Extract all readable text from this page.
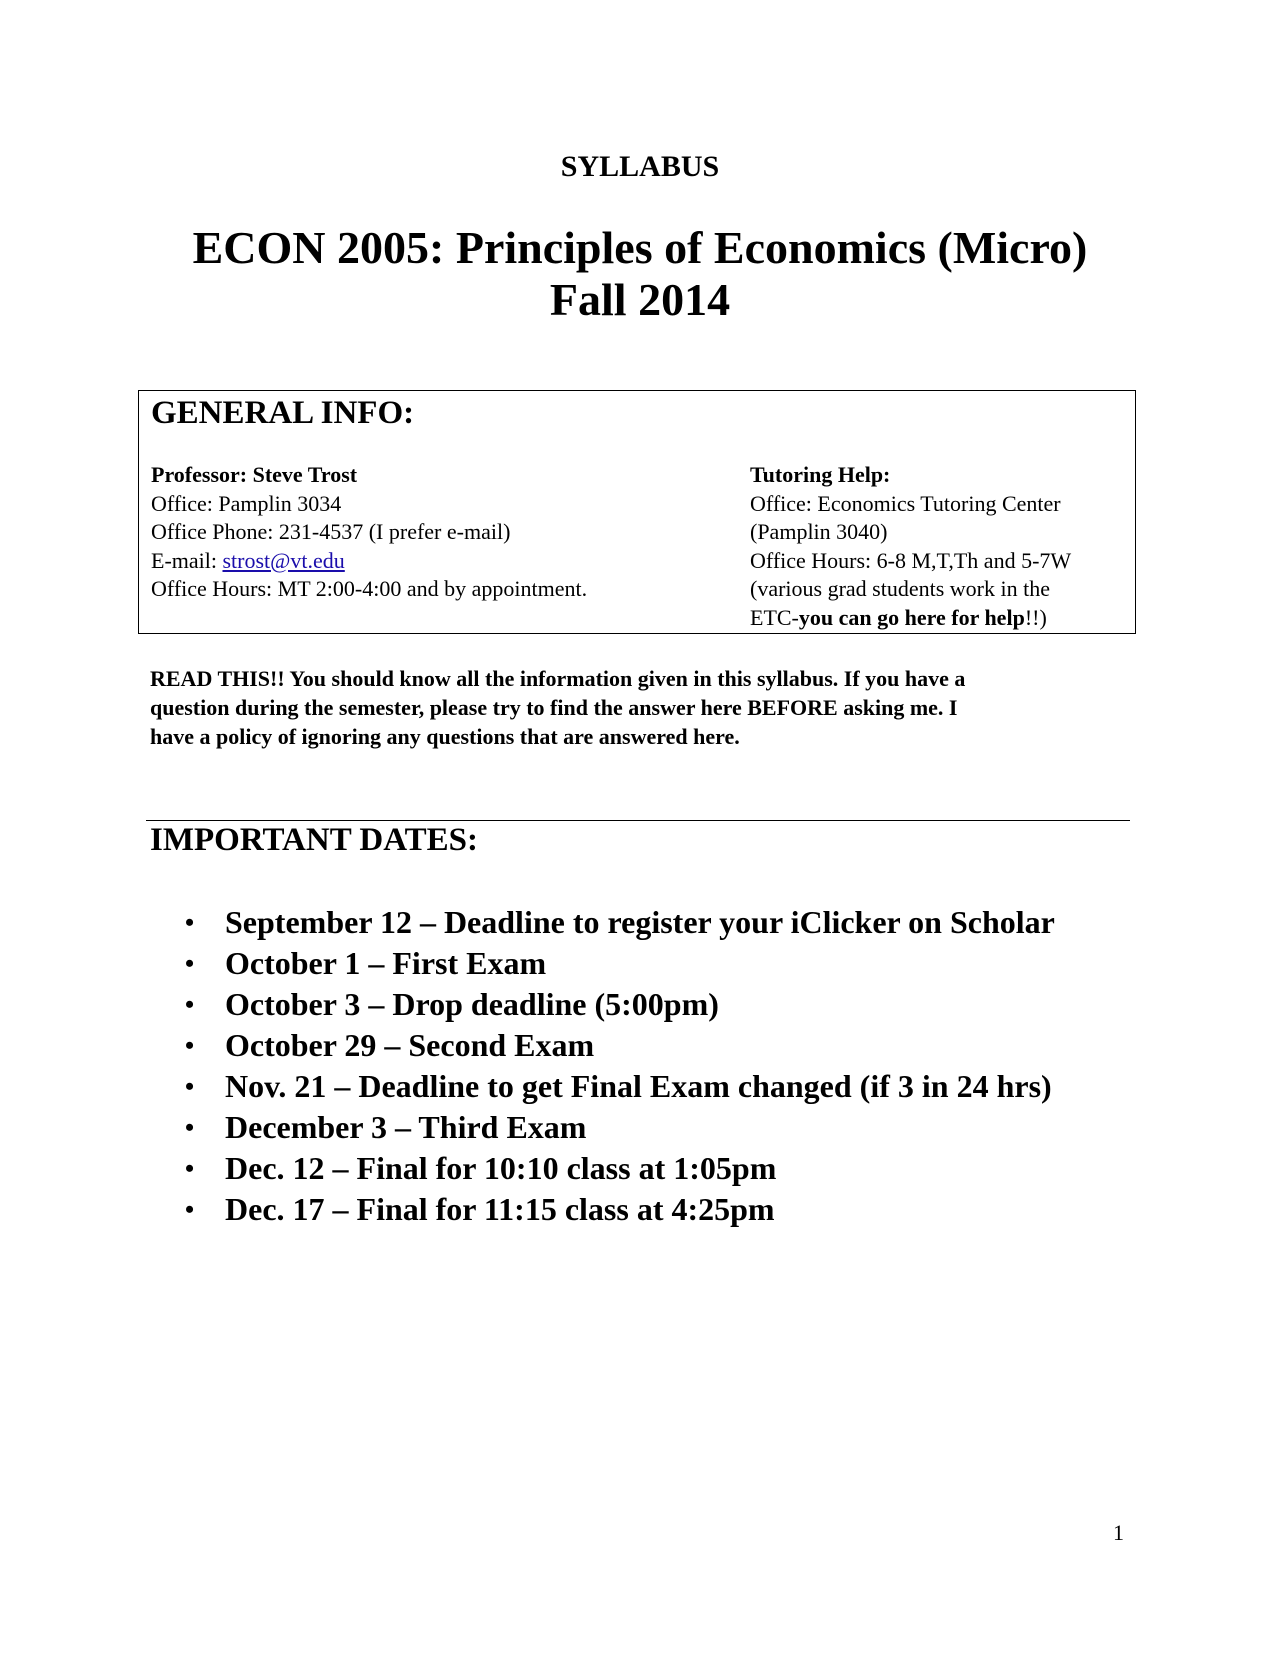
SYLLABUS
ECON 2005: Principles of Economics (Micro)
Fall 2014
GENERAL INFO:
Professor: Steve Trost
Office: Pamplin 3034
Office Phone: 231-4537 (I prefer e-mail)
E-mail: strost@vt.edu
Office Hours: MT 2:00-4:00 and by appointment.
Tutoring Help:
Office: Economics Tutoring Center
(Pamplin 3040)
Office Hours: 6-8 M,T,Th and 5-7W
(various grad students work in the
ETC-you can go here for help!!)
READ THIS!! You should know all the information given in this syllabus. If you have a
question during the semester, please try to find the answer here BEFORE asking me. I
have a policy of ignoring any questions that are answered here.
IMPORTANT DATES:
• September 12 – Deadline to register your iClicker on Scholar
• October 1 – First Exam
• October 3 – Drop deadline (5:00pm)
• October 29 – Second Exam
• Nov. 21 – Deadline to get Final Exam changed (if 3 in 24 hrs)
• December 3 – Third Exam
• Dec. 12 – Final for 10:10 class at 1:05pm
• Dec. 17 – Final for 11:15 class at 4:25pm
1
